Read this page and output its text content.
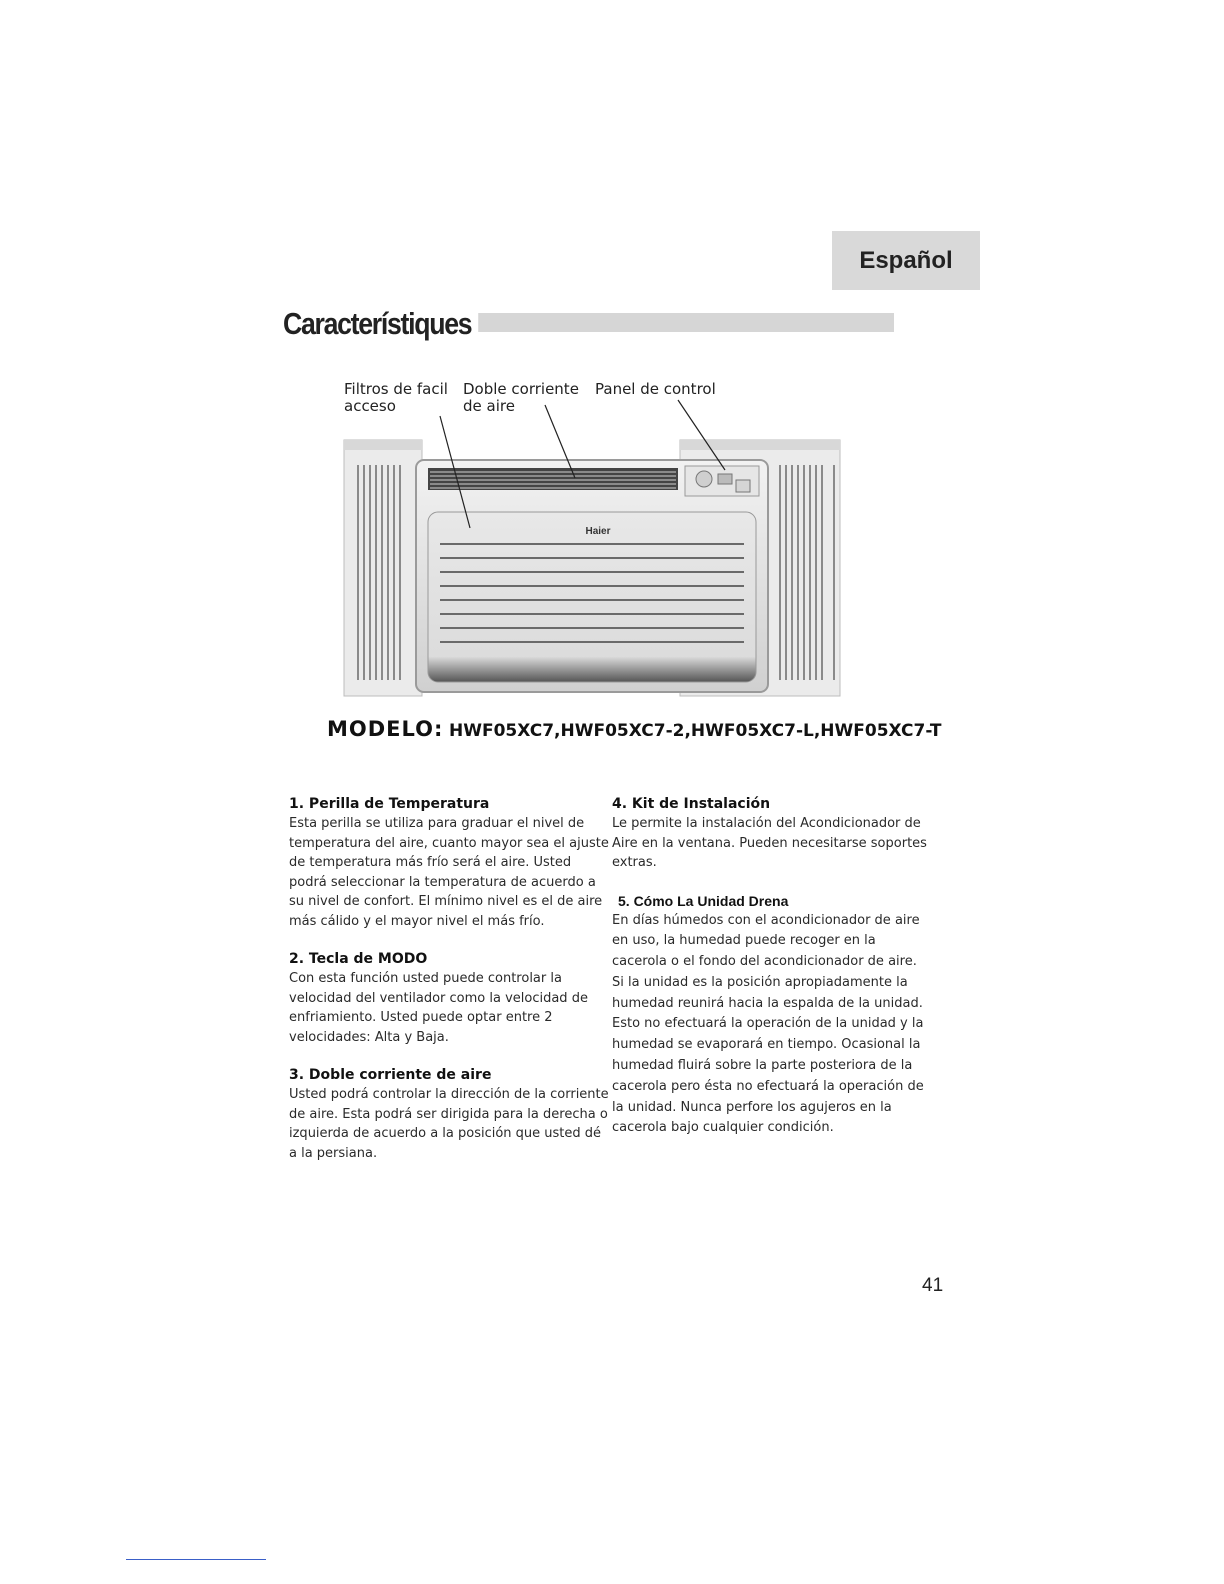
Español
Característiques
Filtros de facil
acceso
Doble corriente
de aire
Panel de control
Haier
MODELO: HWF05XC7,HWF05XC7-2,HWF05XC7-L,HWF05XC7-T
1. Perilla de Temperatura

Esta perilla se utiliza para graduar el nivel de temperatura del aire, cuanto mayor sea el ajuste de temperatura más frío será el aire. Usted podrá seleccionar la temperatura de acuerdo a su nivel de confort. El mínimo nivel es el de aire más cálido y el mayor nivel el más frío.

2. Tecla de MODO

Con esta función usted puede controlar la velocidad del ventilador como la velocidad de enfriamiento. Usted puede optar entre 2 velocidades: Alta y Baja.

3. Doble corriente de aire

Usted podrá controlar la dirección de la corriente de aire. Esta podrá ser dirigida para la derecha o izquierda de acuerdo a la posición que usted dé a la persiana.

4. Kit de Instalación

Le permite la instalación del Acondicionador de Aire en la ventana. Pueden necesitarse soportes extras.

5. Cómo La Unidad Drena

En días húmedos con el acondicionador de aire en uso, la humedad puede recoger en la cacerola o el fondo del acondicionador de aire. Si la unidad es la posición apropiadamente la humedad reunirá hacia la espalda de la unidad. Esto no efectuará la operación de la unidad y la humedad se evaporará en tiempo. Ocasional la humedad fluirá sobre la parte posteriora de la cacerola pero ésta no efectuará la operación de la unidad. Nunca perfore los agujeros en la cacerola bajo cualquier condición.

41
